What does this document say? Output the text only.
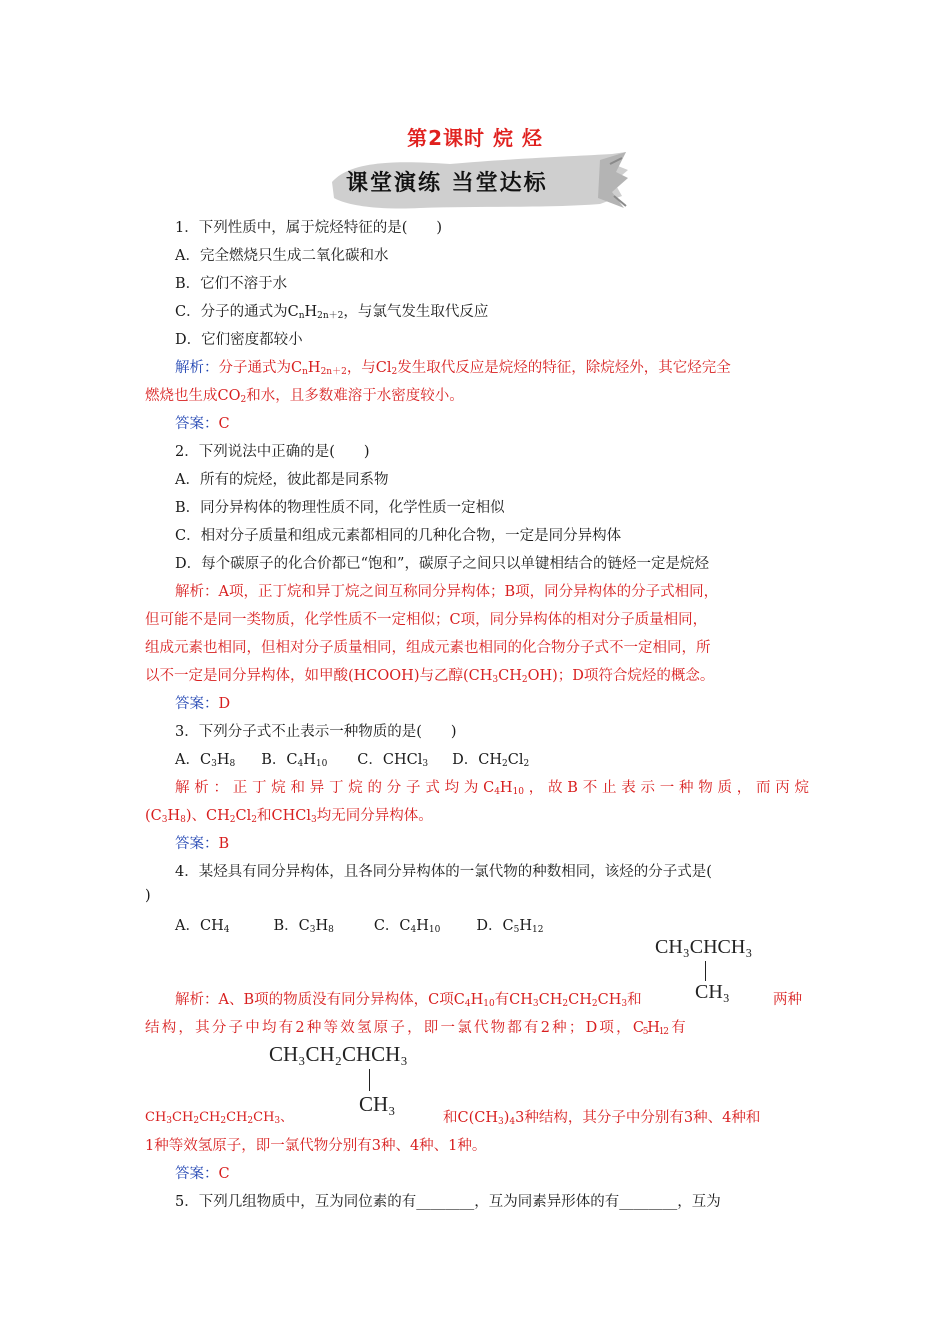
第2课时 烷 烃
课堂演练 当堂达标
1．下列性质中，属于烷烃特征的是(　　)
A．完全燃烧只生成二氧化碳和水
B．它们不溶于水
C．分子的通式为$C_nH_{2n+2}$，与氯气发生取代反应
D．它们密度都较小
解析：分子通式为$C_nH_{2n+2}$，与$Cl_2$发生取代反应是烷烃的特征，除烷烃外，其它烃完全
燃烧也生成$CO_2$和水，且多数难溶于水密度较小。
答案：C
2．下列说法中正确的是(　　)
A．所有的烷烃，彼此都是同系物
B．同分异构体的物理性质不同，化学性质一定相似
C．相对分子质量和组成元素都相同的几种化合物，一定是同分异构体
D．每个碳原子的化合价都已“饱和”，碳原子之间只以单键相结合的链烃一定是烷烃
解析：A项，正丁烷和异丁烷之间互称同分异构体；B项，同分异构体的分子式相同，
但可能不是同一类物质，化学性质不一定相似；C项，同分异构体的相对分子质量相同，
组成元素也相同，但相对分子质量相同，组成元素也相同的化合物分子式不一定相同，所
以不一定是同分异构体，如甲酸(HCOOH)与乙醇$(CH_3CH_2OH)$；D项符合烷烃的概念。
答案：D
3．下列分子式不止表示一种物质的是(　　)
A．$C_3H_8$ B．$C_4H_{10}$ C．CHCl$_3$ D．$CH_2Cl_2$
解析：正丁烷和异丁烷的分子式均为$C_4H_{10}$，故B不止表示一种物质，而丙烷
$(C_3H_8)$、$CH_2Cl_2$和CHCl$_3$均无同分异构体。
答案：B
4．某烃具有同分异构体，且各同分异构体的一氯代物的种数相同，该烃的分子式是(
)
A．$CH_4$	B．$C_3H_8$	C．$C_4H_{10}$ D．$C_5H_{12}$
CH₃CHCH₃
CH₃
解析：A、B项的物质没有同分异构体，C项$C_4H_{10}$有$CH_3CH_2CH_2CH_3$和	两种
结 构 ， 其 分 子 中 均 有 2 种 等 效 氢 原 子 ， 即 一 氯 代 物 都 有 2 种 ； D 项 ， $C_5H_{12}$ 有
CH₃CH₂CHCH₃
CH₃
$CH_3CH_2CH_2CH_2CH_3$、	和$C(CH_3)_43$种结构，其分子中分别有3种、4种和
1种等效氢原子，即一氯代物分别有3种、4种、1种。
答案：C
5．下列几组物质中，互为同位素的有________，互为同素异形体的有________，互为
